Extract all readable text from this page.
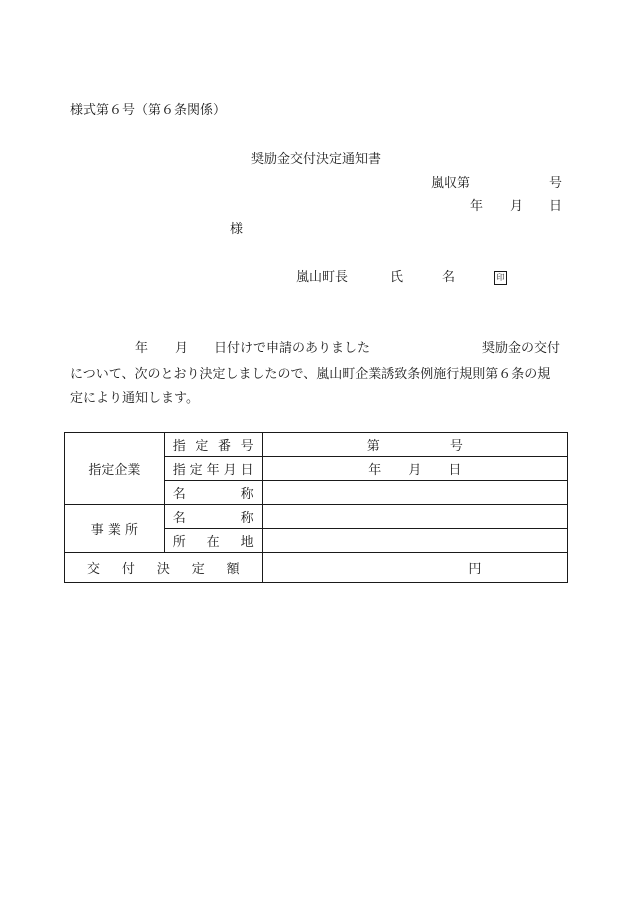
様式第６号（第６条関係）
奨励金交付決定通知書
嵐収第	号
年 月 日
様
嵐山町長	氏	名	印
年 月 日付けで申請のありました	奨励金の交付
について、次のとおり決定しましたので、嵐山町企業誘致条例施行規則第６条の規
定により通知します。
指定企業	指 定 番 号	第 号

	指 定 年 月 日	年 月 日

	名 称	

事 業 所	名 称	

	所 在 地	

交 付 決 定 額		円
